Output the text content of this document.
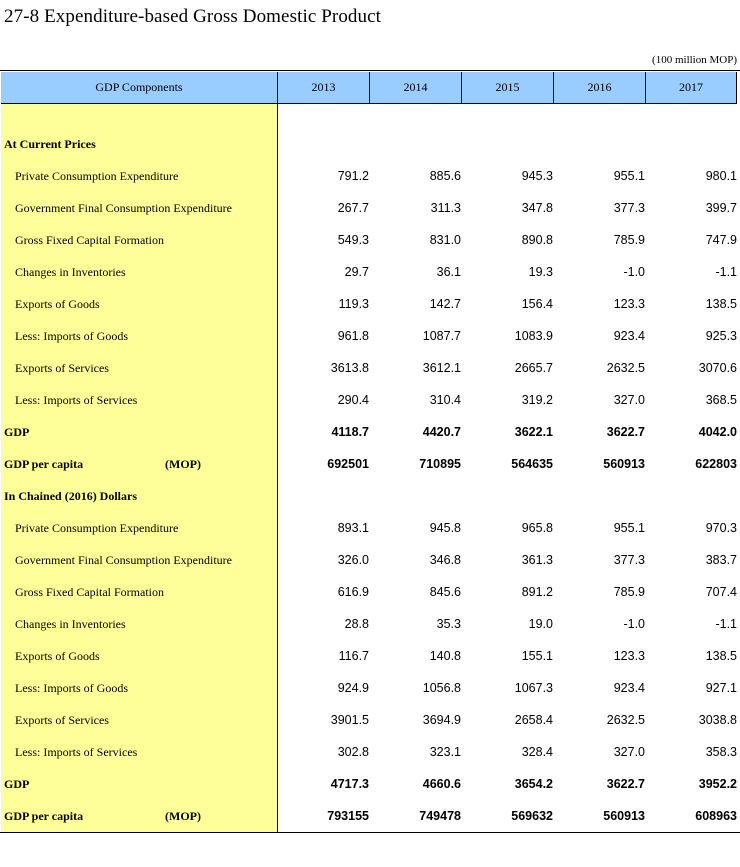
27-8 Expenditure-based Gross Domestic Product
(100 million MOP)
GDP Components	2013	2014	2015	2016	2017
At Current Prices
Private Consumption Expenditure	791.2	885.6	945.3	955.1	980.1
Government Final Consumption Expenditure	267.7	311.3	347.8	377.3	399.7
Gross Fixed Capital Formation	549.3	831.0	890.8	785.9	747.9
Changes in Inventories	29.7	36.1	19.3	-1.0	-1.1
Exports of Goods	119.3	142.7	156.4	123.3	138.5
Less: Imports of Goods	961.8	1087.7	1083.9	923.4	925.3
Exports of Services	3613.8	3612.1	2665.7	2632.5	3070.6
Less: Imports of Services	290.4	310.4	319.2	327.0	368.5
GDP	4118.7	4420.7	3622.1	3622.7	4042.0
GDP per capita	(MOP)	692501	710895	564635	560913	622803
In Chained (2016) Dollars
Private Consumption Expenditure	893.1	945.8	965.8	955.1	970.3
Government Final Consumption Expenditure	326.0	346.8	361.3	377.3	383.7
Gross Fixed Capital Formation	616.9	845.6	891.2	785.9	707.4
Changes in Inventories	28.8	35.3	19.0	-1.0	-1.1
Exports of Goods	116.7	140.8	155.1	123.3	138.5
Less: Imports of Goods	924.9	1056.8	1067.3	923.4	927.1
Exports of Services	3901.5	3694.9	2658.4	2632.5	3038.8
Less: Imports of Services	302.8	323.1	328.4	327.0	358.3
GDP	4717.3	4660.6	3654.2	3622.7	3952.2
GDP per capita	(MOP)	793155	749478	569632	560913	608963
